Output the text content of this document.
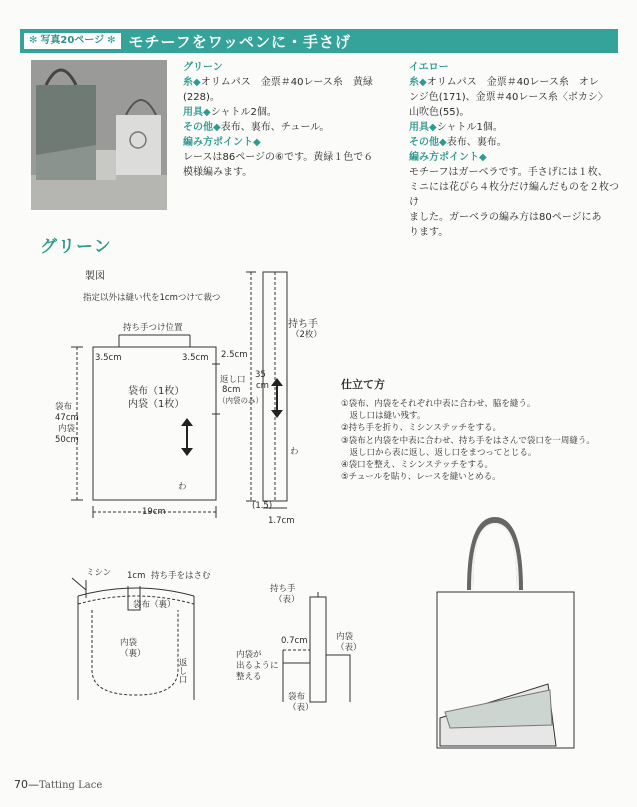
✻ 写真20ページ ✻ モチーフをワッペンに・手さげ
グリーン
糸◆オリムパス　金票＃40レース糸　黄緑
(228)。
用具◆シャトル2個。
その他◆表布、裏布、チュール。
編み方ポイント◆
レースは86ページの⑥です。黄緑１色で６
模様編みます。
イエロー
糸◆オリムパス　金票＃40レース糸　オレ
ンジ色(171)、金票＃40レース糸〈ボカシ〉
山吹色(55)。
用具◆シャトル1個。
その他◆表布、裏布。
編み方ポイント◆
モチーフはガーベラです。手さげには１枚、
ミニには花びら４枚分だけ編んだものを２枚つけ
ました。ガーベラの編み方は80ページにあ
ります。
グリーン
製図
指定以外は縫い代を1cmつけて裁つ
持ち手つけ位置
3.5cm	3.5cm 2.5cm
袋布（1枚）
内袋（1枚）
返し口
8cm
（内袋のみ）
袋布
47cm
内袋
50cm
わ
19cm
持ち手
（2枚）
35
cm
わ
(1.5)
1.7cm
仕立て方
①袋布、内袋をそれぞれ中表に合わせ、脇を縫う。
　返し口は縫い残す。
②持ち手を折り、ミシンステッチをする。
③袋布と内袋を中表に合わせ、持ち手をはさんで袋口を一周縫う。
　返し口から表に返し、返し口をまつってとじる。
④袋口を整え、ミシンステッチをする。
⑤チュールを貼り、レースを縫いとめる。
ミシン 1cm 持ち手をはさむ
袋布（裏）
内袋
（裏）
返し口
持ち手
（表）
0.7cm	内袋
（表）
内袋が
出るように
整える
袋布
（表）
70—Tatting Lace
